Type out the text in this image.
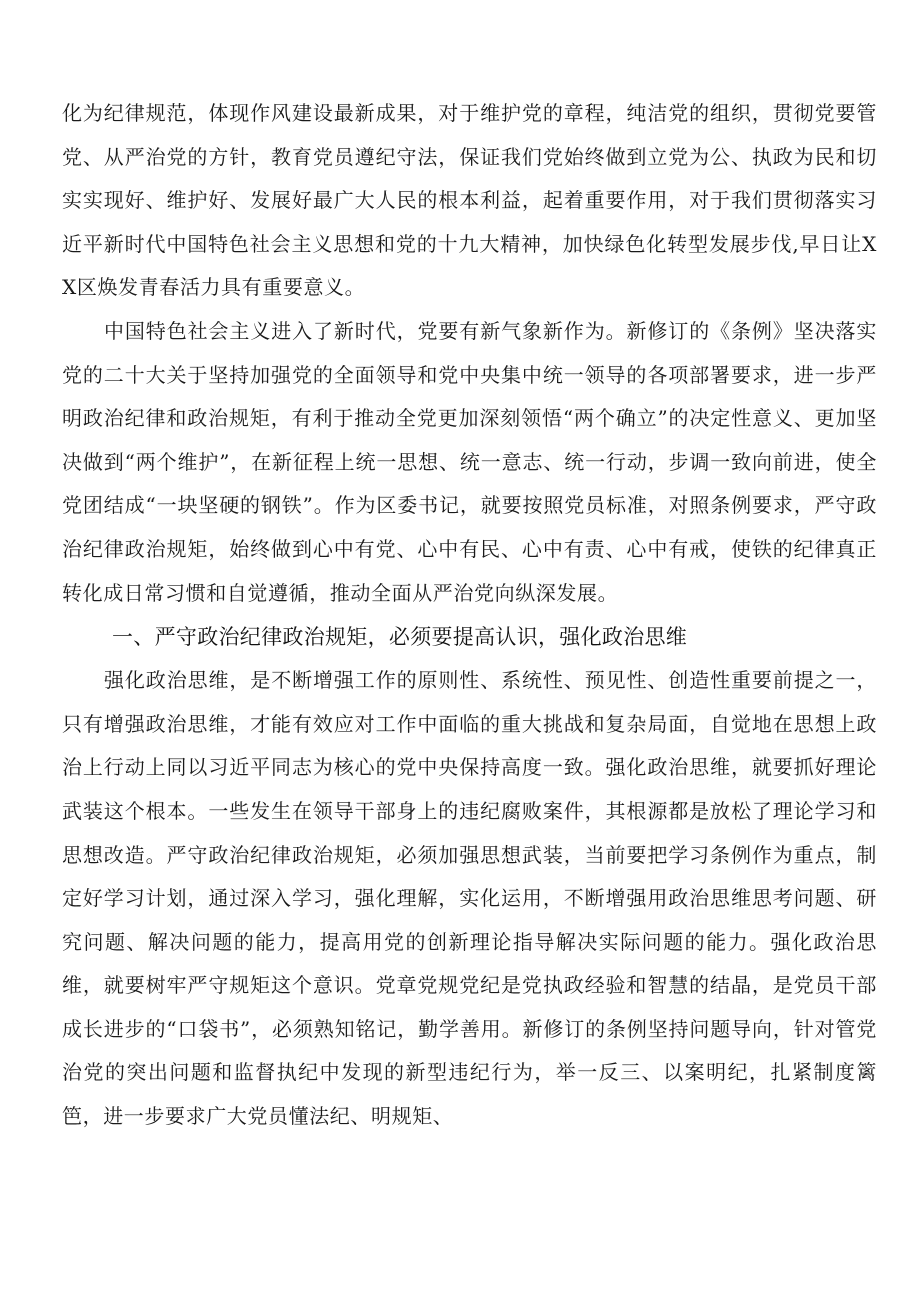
化为纪律规范，体现作风建设最新成果，对于维护党的章程，纯洁党的组织，贯彻党要管党、从严治党的方针，教育党员遵纪守法，保证我们党始终做到立党为公、执政为民和切实实现好、维护好、发展好最广大人民的根本利益，起着重要作用，对于我们贯彻落实习近平新时代中国特色社会主义思想和党的十九大精神，加快绿色化转型发展步伐,早日让XX区焕发青春活力具有重要意义。

中国特色社会主义进入了新时代，党要有新气象新作为。新修订的《条例》坚决落实党的二十大关于坚持加强党的全面领导和党中央集中统一领导的各项部署要求，进一步严明政治纪律和政治规矩，有利于推动全党更加深刻领悟“两个确立”的决定性意义、更加坚决做到“两个维护”，在新征程上统一思想、统一意志、统一行动，步调一致向前进，使全党团结成“一块坚硬的钢铁”。作为区委书记，就要按照党员标准，对照条例要求，严守政治纪律政治规矩，始终做到心中有党、心中有民、心中有责、心中有戒，使铁的纪律真正转化成日常习惯和自觉遵循，推动全面从严治党向纵深发展。

一、严守政治纪律政治规矩，必须要提高认识，强化政治思维

强化政治思维，是不断增强工作的原则性、系统性、预见性、创造性重要前提之一，只有增强政治思维，才能有效应对工作中面临的重大挑战和复杂局面，自觉地在思想上政治上行动上同以习近平同志为核心的党中央保持高度一致。强化政治思维，就要抓好理论武装这个根本。一些发生在领导干部身上的违纪腐败案件，其根源都是放松了理论学习和思想改造。严守政治纪律政治规矩，必须加强思想武装，当前要把学习条例作为重点，制定好学习计划，通过深入学习，强化理解，实化运用，不断增强用政治思维思考问题、研究问题、解决问题的能力，提高用党的创新理论指导解决实际问题的能力。强化政治思维，就要树牢严守规矩这个意识。党章党规党纪是党执政经验和智慧的结晶，是党员干部成长进步的“口袋书”，必须熟知铭记，勤学善用。新修订的条例坚持问题导向，针对管党治党的突出问题和监督执纪中发现的新型违纪行为，举一反三、以案明纪，扎紧制度篱笆，进一步要求广大党员懂法纪、明规矩、
